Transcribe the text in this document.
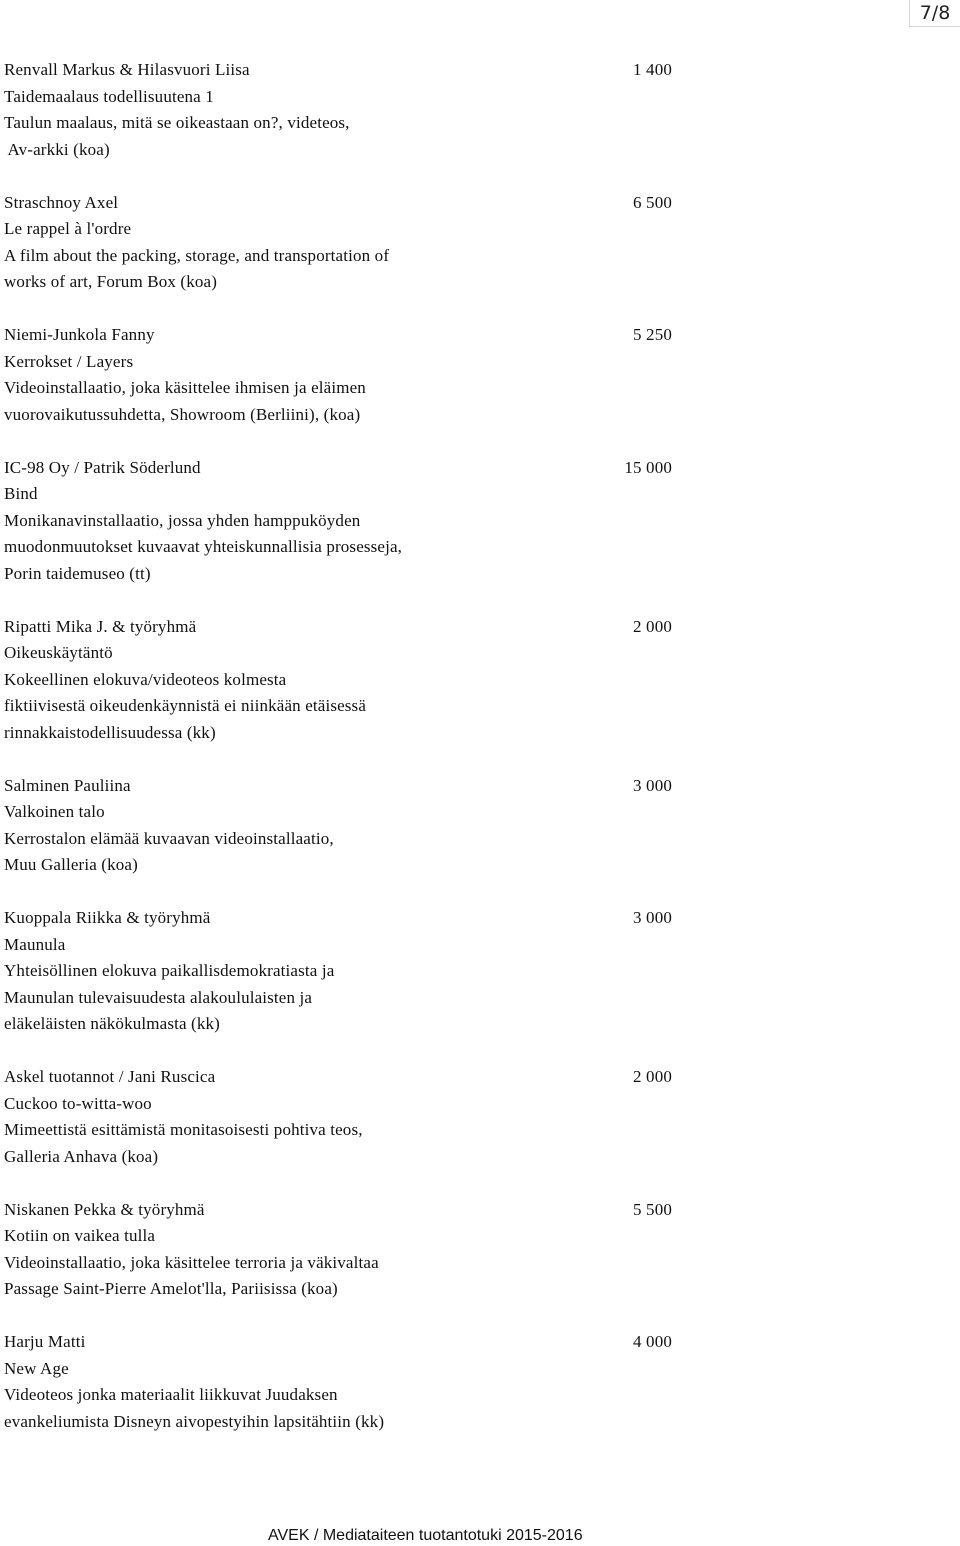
7/8
Renvall Markus & Hilasvuori Liisa	1 400
Taidemaalaus todellisuutena 1
Taulun maalaus, mitä se oikeastaan on?, videteos,
Av-arkki (koa)
Straschnoy Axel	6 500
Le rappel à l'ordre
A film about the packing, storage, and transportation of
works of art, Forum Box (koa)
Niemi-Junkola Fanny	5 250
Kerrokset / Layers
Videoinstallaatio, joka käsittelee ihmisen ja eläimen
vuorovaikutussuhdetta, Showroom (Berliini), (koa)
IC-98 Oy / Patrik Söderlund	15 000
Bind
Monikanavinstallaatio, jossa yhden hamppuköyden
muodonmuutokset kuvaavat yhteiskunnallisia prosesseja,
Porin taidemuseo (tt)
Ripatti Mika J. & työryhmä	2 000
Oikeuskäytäntö
Kokeellinen elokuva/videoteos kolmesta
fiktiivisestä oikeudenkäynnistä ei niinkään etäisessä
rinnakkaistodellisuudessa (kk)
Salminen Pauliina	3 000
Valkoinen talo
Kerrostalon elämää kuvaavan videoinstallaatio,
Muu Galleria (koa)
Kuoppala Riikka & työryhmä	3 000
Maunula
Yhteisöllinen elokuva paikallisdemokratiasta ja
Maunulan tulevaisuudesta alakoululaisten ja
eläkeläisten näkökulmasta (kk)
Askel tuotannot / Jani Ruscica	2 000
Cuckoo to-witta-woo
Mimeettistä esittämistä monitasoisesti pohtiva teos,
Galleria Anhava (koa)
Niskanen Pekka & työryhmä	5 500
Kotiin on vaikea tulla
Videoinstallaatio, joka käsittelee terroria ja väkivaltaa
Passage Saint-Pierre Amelot'lla, Pariisissa (koa)
Harju Matti	4 000
New Age
Videoteos jonka materiaalit liikkuvat Juudaksen
evankeliumista Disneyn aivopestyihin lapsitähtiin (kk)
AVEK / Mediataiteen tuotantotuki 2015-2016
